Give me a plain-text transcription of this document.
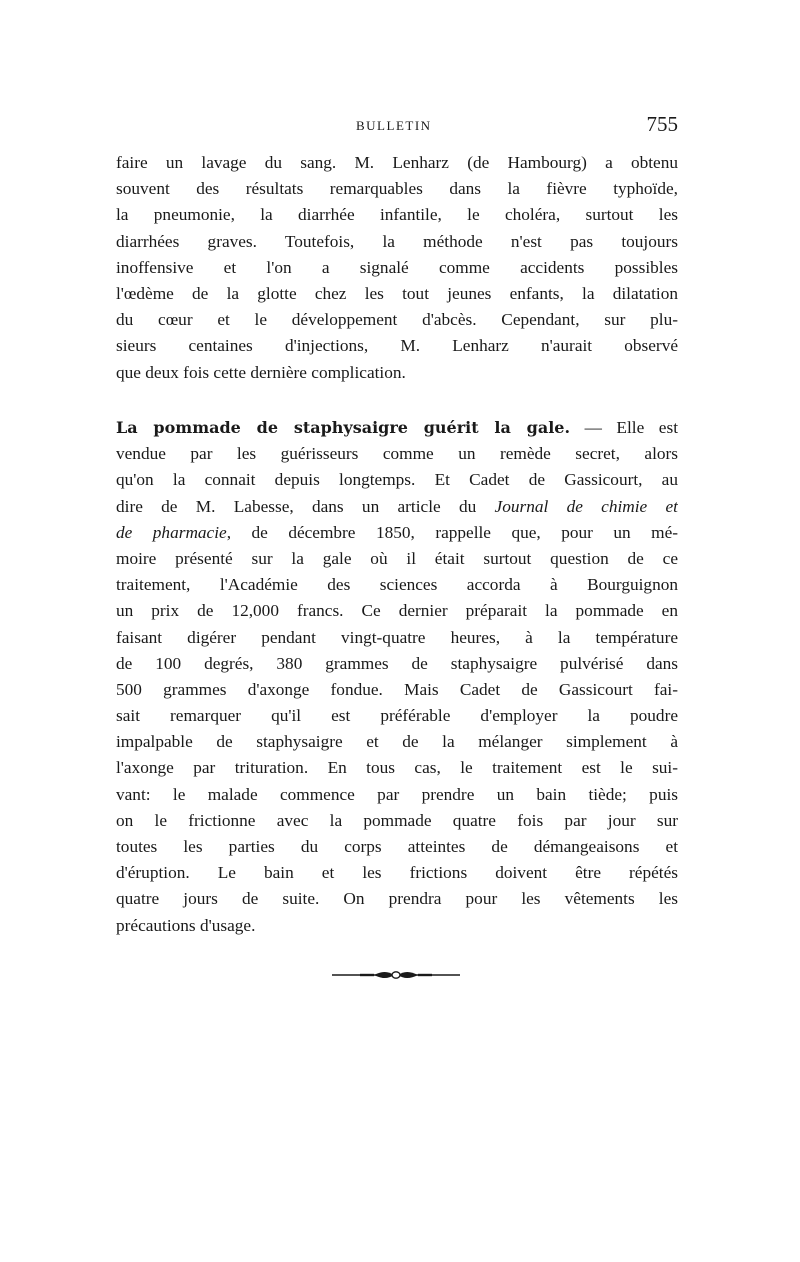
BULLETIN	755
faire un lavage du sang. M. Lenharz (de Hambourg) a obtenu
souvent des résultats remarquables dans la fièvre typhoïde,
la pneumonie, la diarrhée infantile, le choléra, surtout les
diarrhées graves. Toutefois, la méthode n'est pas toujours
inoffensive et l'on a signalé comme accidents possibles
l'œdème de la glotte chez les tout jeunes enfants, la dilatation
du cœur et le développement d'abcès. Cependant, sur plu-
sieurs centaines d'injections, M. Lenharz n'aurait observé
que deux fois cette dernière complication.
La pommade de staphysaigre guérit la gale. — Elle est
vendue par les guérisseurs comme un remède secret, alors
qu'on la connait depuis longtemps. Et Cadet de Gassicourt, au
dire de M. Labesse, dans un article du Journal de chimie et
de pharmacie, de décembre 1850, rappelle que, pour un mé-
moire présenté sur la gale où il était surtout question de ce
traitement, l'Académie des sciences accorda à Bourguignon
un prix de 12,000 francs. Ce dernier préparait la pommade en
faisant digérer pendant vingt-quatre heures, à la température
de 100 degrés, 380 grammes de staphysaigre pulvérisé dans
500 grammes d'axonge fondue. Mais Cadet de Gassicourt fai-
sait remarquer qu'il est préférable d'employer la poudre
impalpable de staphysaigre et de la mélanger simplement à
l'axonge par trituration. En tous cas, le traitement est le sui-
vant: le malade commence par prendre un bain tiède; puis
on le frictionne avec la pommade quatre fois par jour sur
toutes les parties du corps atteintes de démangeaisons et
d'éruption. Le bain et les frictions doivent être répétés
quatre jours de suite. On prendra pour les vêtements les
précautions d'usage.
